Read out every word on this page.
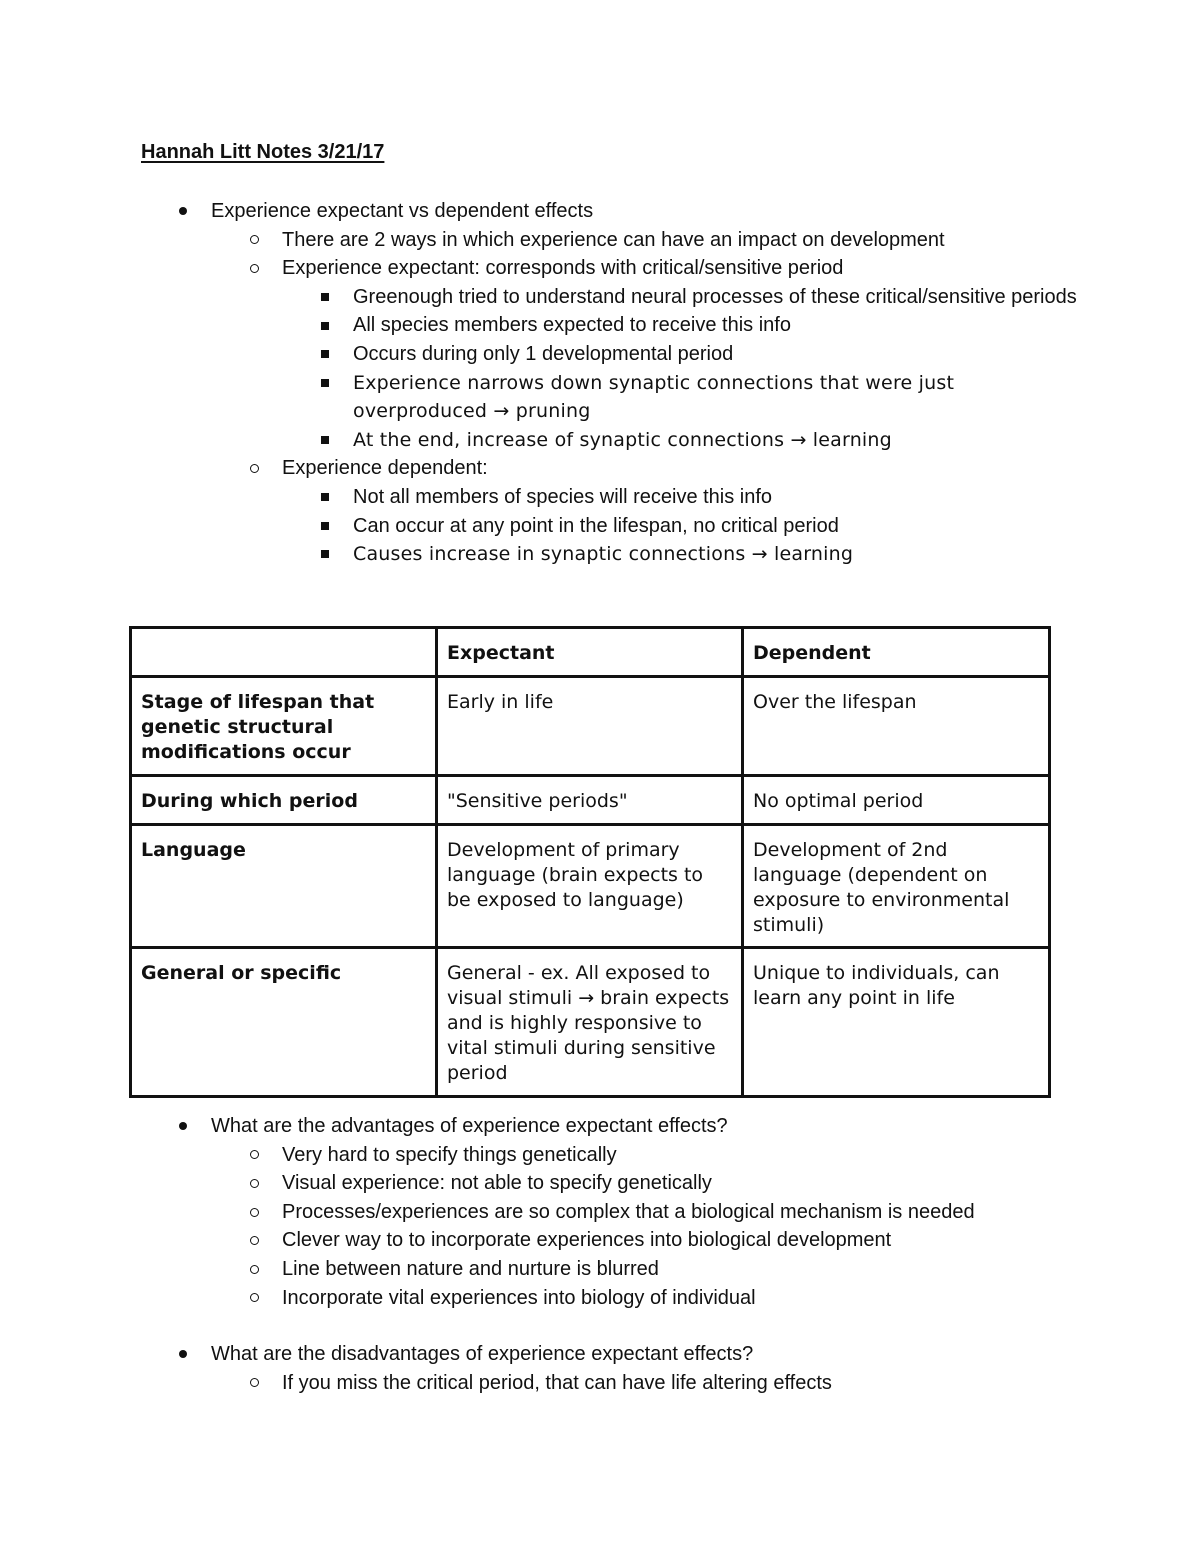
Hannah Litt Notes 3/21/17
Experience expectant vs dependent effects
There are 2 ways in which experience can have an impact on development
Experience expectant: corresponds with critical/sensitive period
Greenough tried to understand neural processes of these critical/sensitive periods
All species members expected to receive this info
Occurs during only 1 developmental period
Experience narrows down synaptic connections that were just overproduced → pruning
At the end, increase of synaptic connections → learning
Experience dependent:
Not all members of species will receive this info
Can occur at any point in the lifespan, no critical period
Causes increase in synaptic connections → learning
	Expectant	Dependent
Stage of lifespan that genetic structural modifications occur	Early in life	Over the lifespan
During which period	"Sensitive periods"	No optimal period
Language	Development of primary language (brain expects to be exposed to language)	Development of 2nd language (dependent on exposure to environmental stimuli)
General or specific	General - ex. All exposed to visual stimuli → brain expects and is highly responsive to vital stimuli during sensitive period	Unique to individuals, can learn any point in life
What are the advantages of experience expectant effects?
Very hard to specify things genetically
Visual experience: not able to specify genetically
Processes/experiences are so complex that a biological mechanism is needed
Clever way to to incorporate experiences into biological development
Line between nature and nurture is blurred
Incorporate vital experiences into biology of individual
What are the disadvantages of experience expectant effects?
If you miss the critical period, that can have life altering effects
